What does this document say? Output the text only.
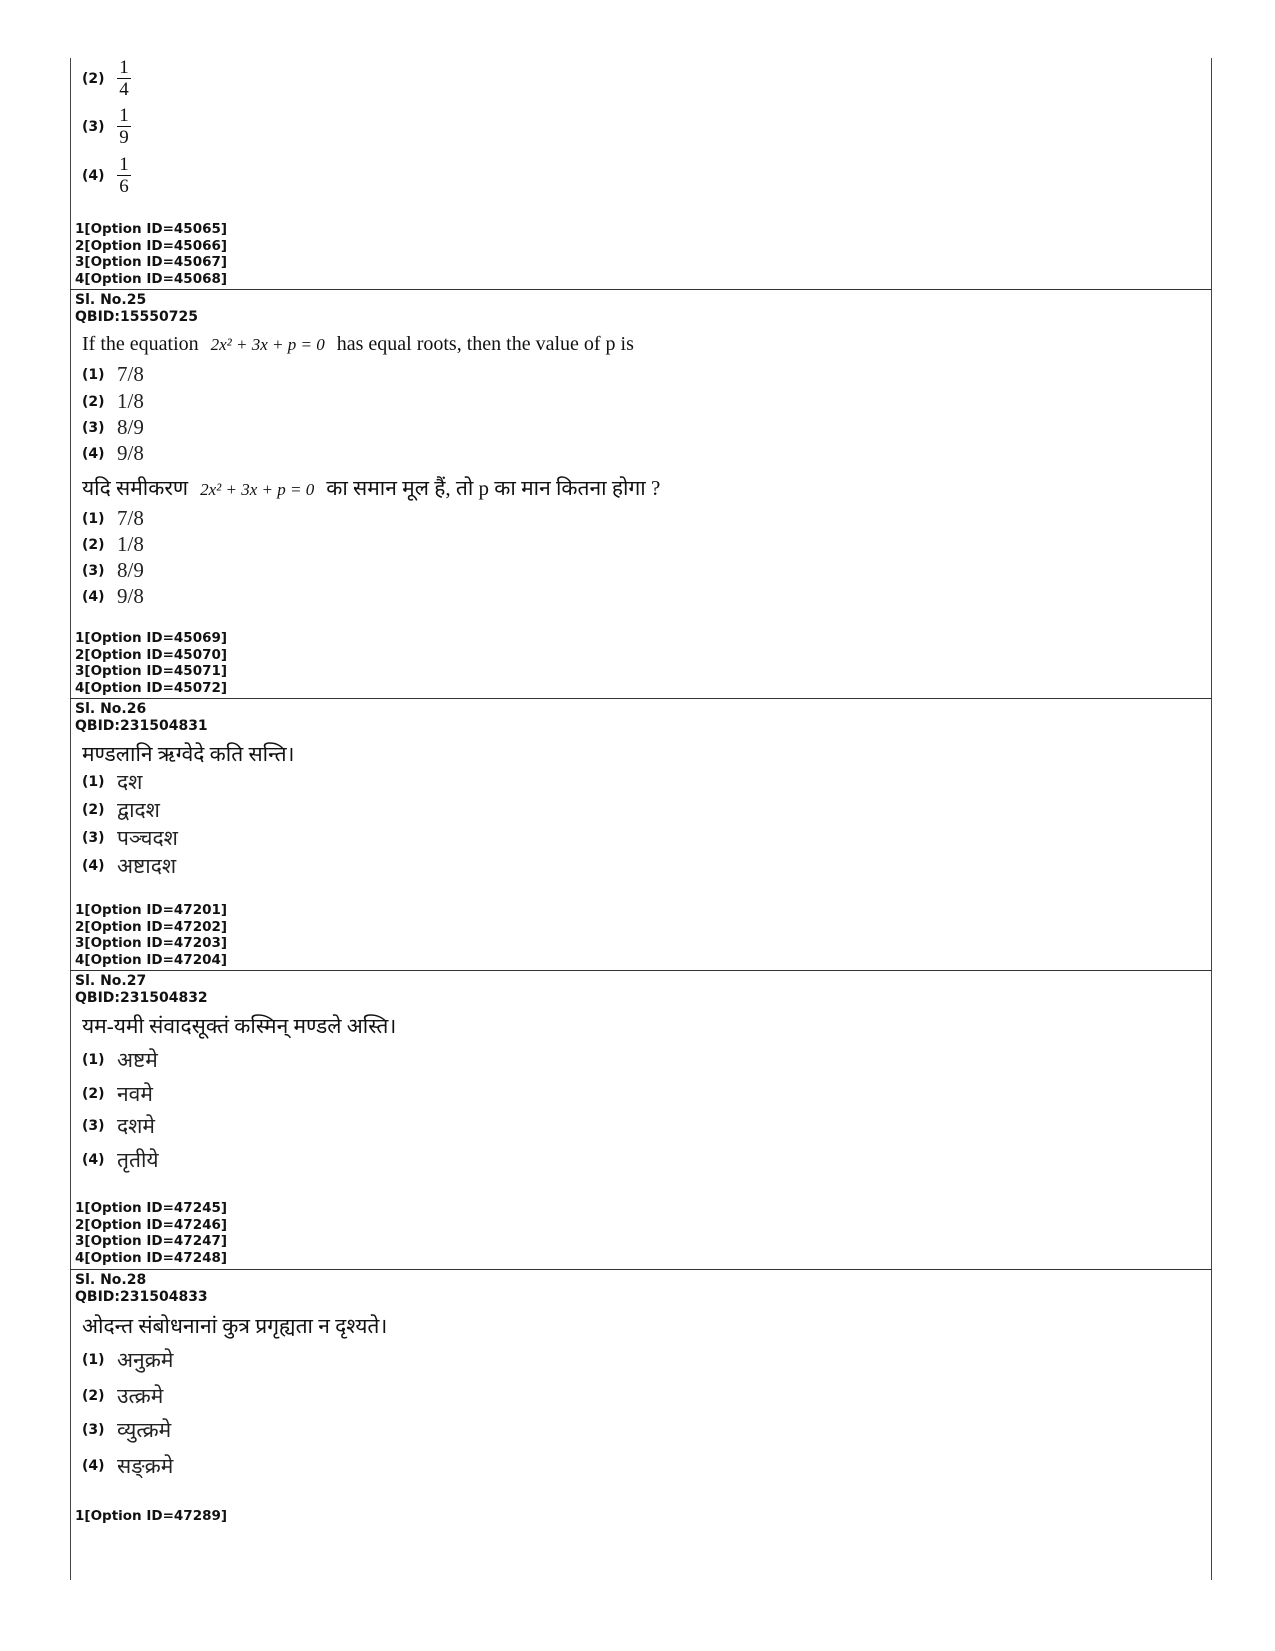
$(2) \frac{1}{4}$
$(3) \frac{1}{9}$
$(4) \frac{1}{6}$
1[Option ID=45065]
2[Option ID=45066]
3[Option ID=45067]
4[Option ID=45068]
Sl. No.25
QBID:15550725
If the equation 2x² + 3x + p = 0 has equal roots, then the value of p is
(1) 7/8
(2) 1/8
(3) 8/9
(4) 9/8
यदि समीकरण 2x² + 3x + p = 0 का समान मूल हैं, तो p का मान कितना होगा ?
(1) 7/8
(2) 1/8
(3) 8/9
(4) 9/8
1[Option ID=45069]
2[Option ID=45070]
3[Option ID=45071]
4[Option ID=45072]
Sl. No.26
QBID:231504831
मण्डलानि ऋग्वेदे कति सन्ति।
(1) दश
(2) द्वादश
(3) पञ्चदश
(4) अष्टादश
1[Option ID=47201]
2[Option ID=47202]
3[Option ID=47203]
4[Option ID=47204]
Sl. No.27
QBID:231504832
यम-यमी संवादसूक्तं कस्मिन् मण्डले अस्ति।
(1) अष्टमे
(2) नवमे
(3) दशमे
(4) तृतीये
1[Option ID=47245]
2[Option ID=47246]
3[Option ID=47247]
4[Option ID=47248]
Sl. No.28
QBID:231504833
ओदन्त संबोधनानां कुत्र प्रगृह्यता न दृश्यते।
(1) अनुक्रमे
(2) उत्क्रमे
(3) व्युत्क्रमे
(4) सङ्क्रमे
1[Option ID=47289]
